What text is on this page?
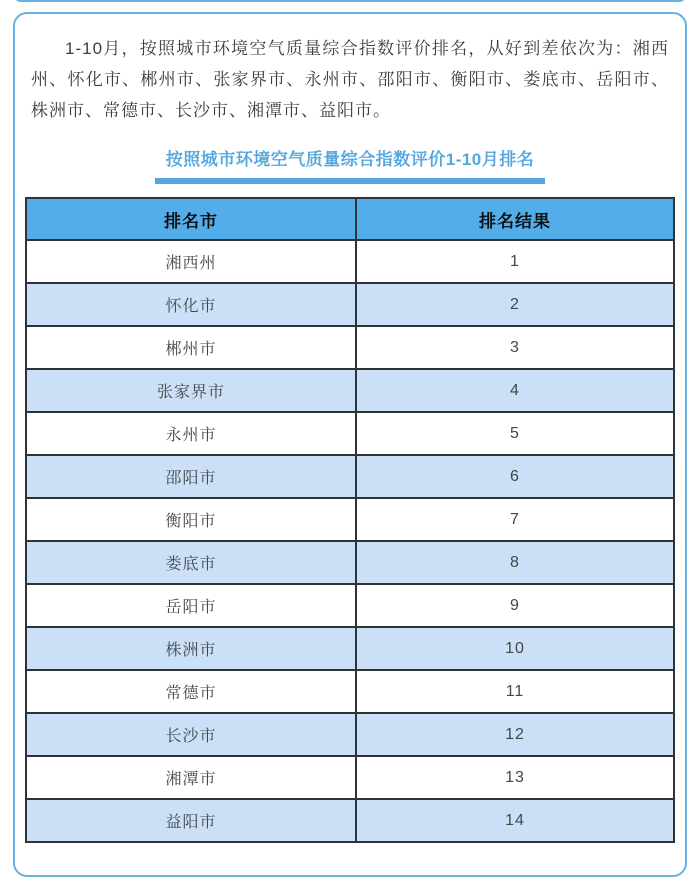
1-10月，按照城市环境空气质量综合指数评价排名，从好到差依次为：湘西州、怀化市、郴州市、张家界市、永州市、邵阳市、衡阳市、娄底市、岳阳市、株洲市、常德市、长沙市、湘潭市、益阳市。

按照城市环境空气质量综合指数评价1-10月排名
排名市	排名结果
湘西州	1
怀化市	2
郴州市	3
张家界市	4
永州市	5
邵阳市	6
衡阳市	7
娄底市	8
岳阳市	9
株洲市	10
常德市	11
长沙市	12
湘潭市	13
益阳市	14
